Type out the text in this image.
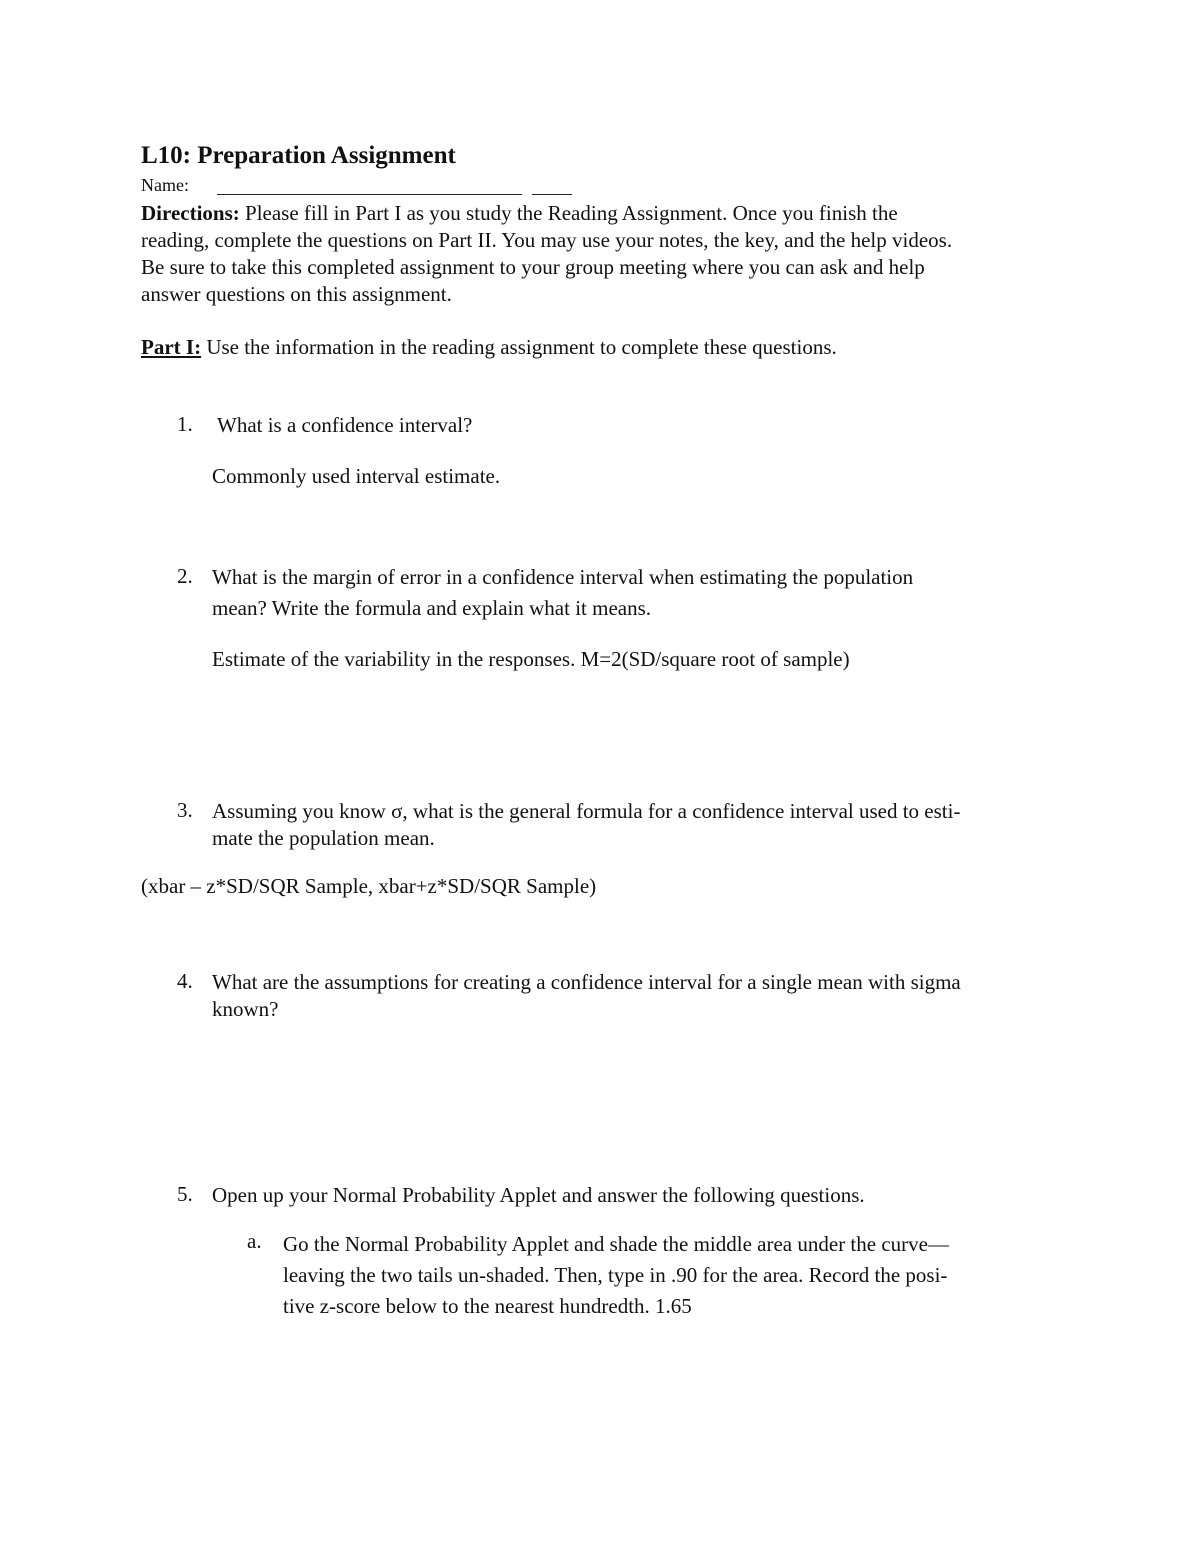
L10: Preparation Assignment
Name:
Directions: Please fill in Part I as you study the Reading Assignment. Once you finish the
reading, complete the questions on Part II. You may use your notes, the key, and the help videos.
Be sure to take this completed assignment to your group meeting where you can ask and help
answer questions on this assignment.
Part I: Use the information in the reading assignment to complete these questions.
1. What is a confidence interval?
Commonly used interval estimate.
2. What is the margin of error in a confidence interval when estimating the population
mean? Write the formula and explain what it means.
Estimate of the variability in the responses. M=2(SD/square root of sample)
3. Assuming you know σ, what is the general formula for a confidence interval used to esti-
mate the population mean.
(xbar – z*SD/SQR Sample, xbar+z*SD/SQR Sample)
4. What are the assumptions for creating a confidence interval for a single mean with sigma
known?
5. Open up your Normal Probability Applet and answer the following questions.
a. Go the Normal Probability Applet and shade the middle area under the curve—
leaving the two tails un-shaded. Then, type in .90 for the area. Record the posi-
tive z-score below to the nearest hundredth. 1.65
